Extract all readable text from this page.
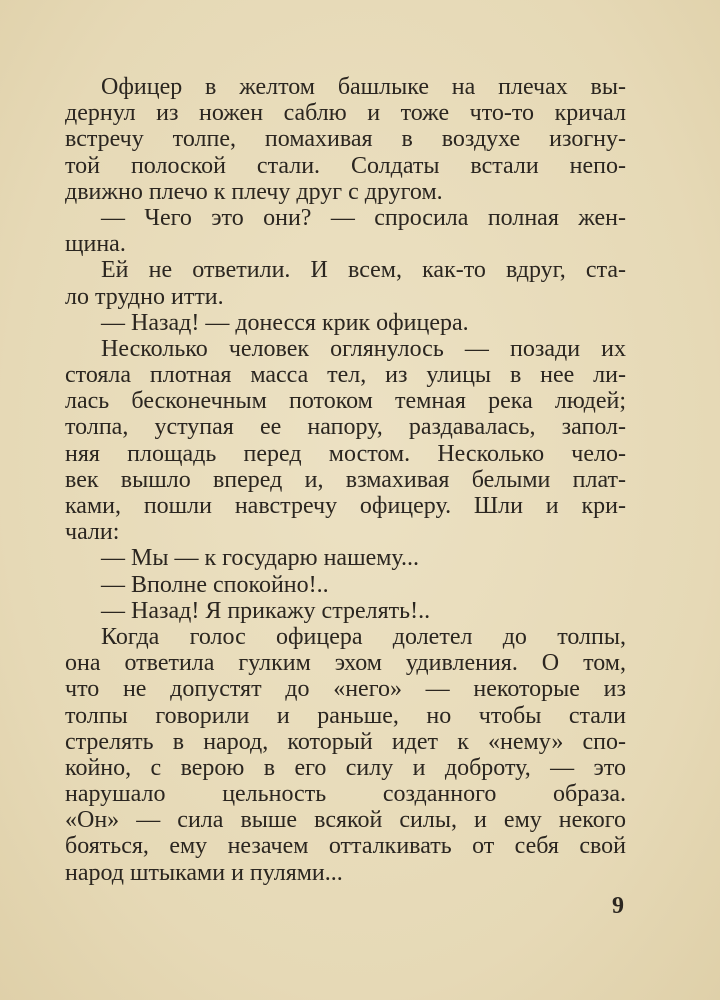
Офицер в желтом башлыке на плечах вы-
дернул из ножен саблю и тоже что-то кричал
встречу толпе, помахивая в воздухе изогну-
той полоской стали. Солдаты встали непо-
движно плечо к плечу друг с другом.
— Чего это они? — спросила полная жен-
щина.
Ей не ответили. И всем, как-то вдруг, ста-
ло трудно итти.
— Назад! — донесся крик офицера.
Несколько человек оглянулось — позади их
стояла плотная масса тел, из улицы в нее ли-
лась бесконечным потоком темная река людей;
толпа, уступая ее напору, раздавалась, запол-
няя площадь перед мостом. Несколько чело-
век вышло вперед и, взмахивая белыми плат-
ками, пошли навстречу офицеру. Шли и кри-
чали:
— Мы — к государю нашему...
— Вполне спокойно!..
— Назад! Я прикажу стрелять!..
Когда голос офицера долетел до толпы,
она ответила гулким эхом удивления. О том,
что не допустят до «него» — некоторые из
толпы говорили и раньше, но чтобы стали
стрелять в народ, который идет к «нему» спо-
койно, с верою в его силу и доброту, — это
нарушало цельность созданного образа.
«Он» — сила выше всякой силы, и ему некого
бояться, ему незачем отталкивать от себя свой
народ штыками и пулями...
9
